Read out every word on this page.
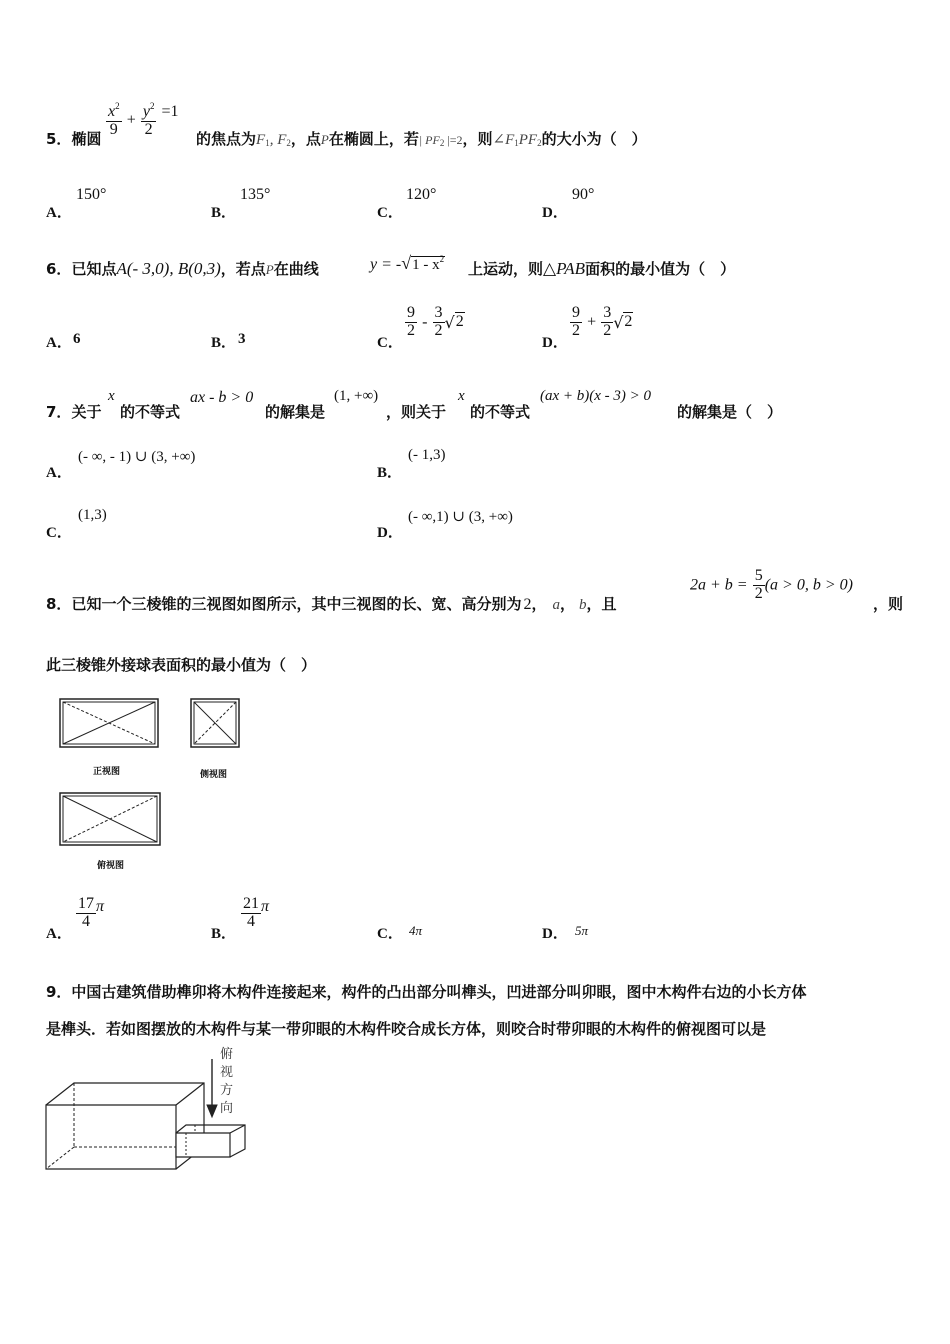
5．椭圆
$\frac{x^2}{9} + \frac{y^2}{2} =1$
的焦点为$F_1$, $F_2$，点P在椭圆上，若| $PF_2$ |=2，则$\angle F_1PF_2$的大小为（　）
A．
150°
B．
135°
C．
120°
D．
90°
6．已知点A(- 3,0), B(0,3)，若点P在曲线	$y = -√1 - x^2$
上运动，则△PAB面积的最小值为（　）
A． 6	B． 3	C．
$\frac{9}{2} - \frac{3}{2} √2$
D．
$\frac{9}{2} + \frac{3}{2} √2$
7．关于
x
的不等式
ax - b > 0
的解集是
(1, +∞)
，则关于
x
的不等式
(ax + b)(x - 3) > 0
的解集是（　）
A．
(- ∞, - 1) ∪ (3, +∞)
B．
(- 1,3)
C．
(1,3)
D．
(- ∞,1) ∪ (3, +∞)
8．已知一个三棱锥的三视图如图所示，其中三视图的长、宽、高分别为 2， a， b，且
$2a + b = \frac{5}{2} (a > 0$, b > 0)
，则
此三棱锥外接球表面积的最小值为（　）
正视图	侧视图
俯视图
A．
$\frac{17}{4}$ π
B．
$\frac{21}{4}$ π
C． 4π	D． 5π
9．中国古建筑借助榫卯将木构件连接起来，构件的凸出部分叫榫头，凹进部分叫卯眼，图中木构件右边的小长方体
是榫头．若如图摆放的木构件与某一带卯眼的木构件咬合成长方体，则咬合时带卯眼的木构件的俯视图可以是
俯
视
方
向
